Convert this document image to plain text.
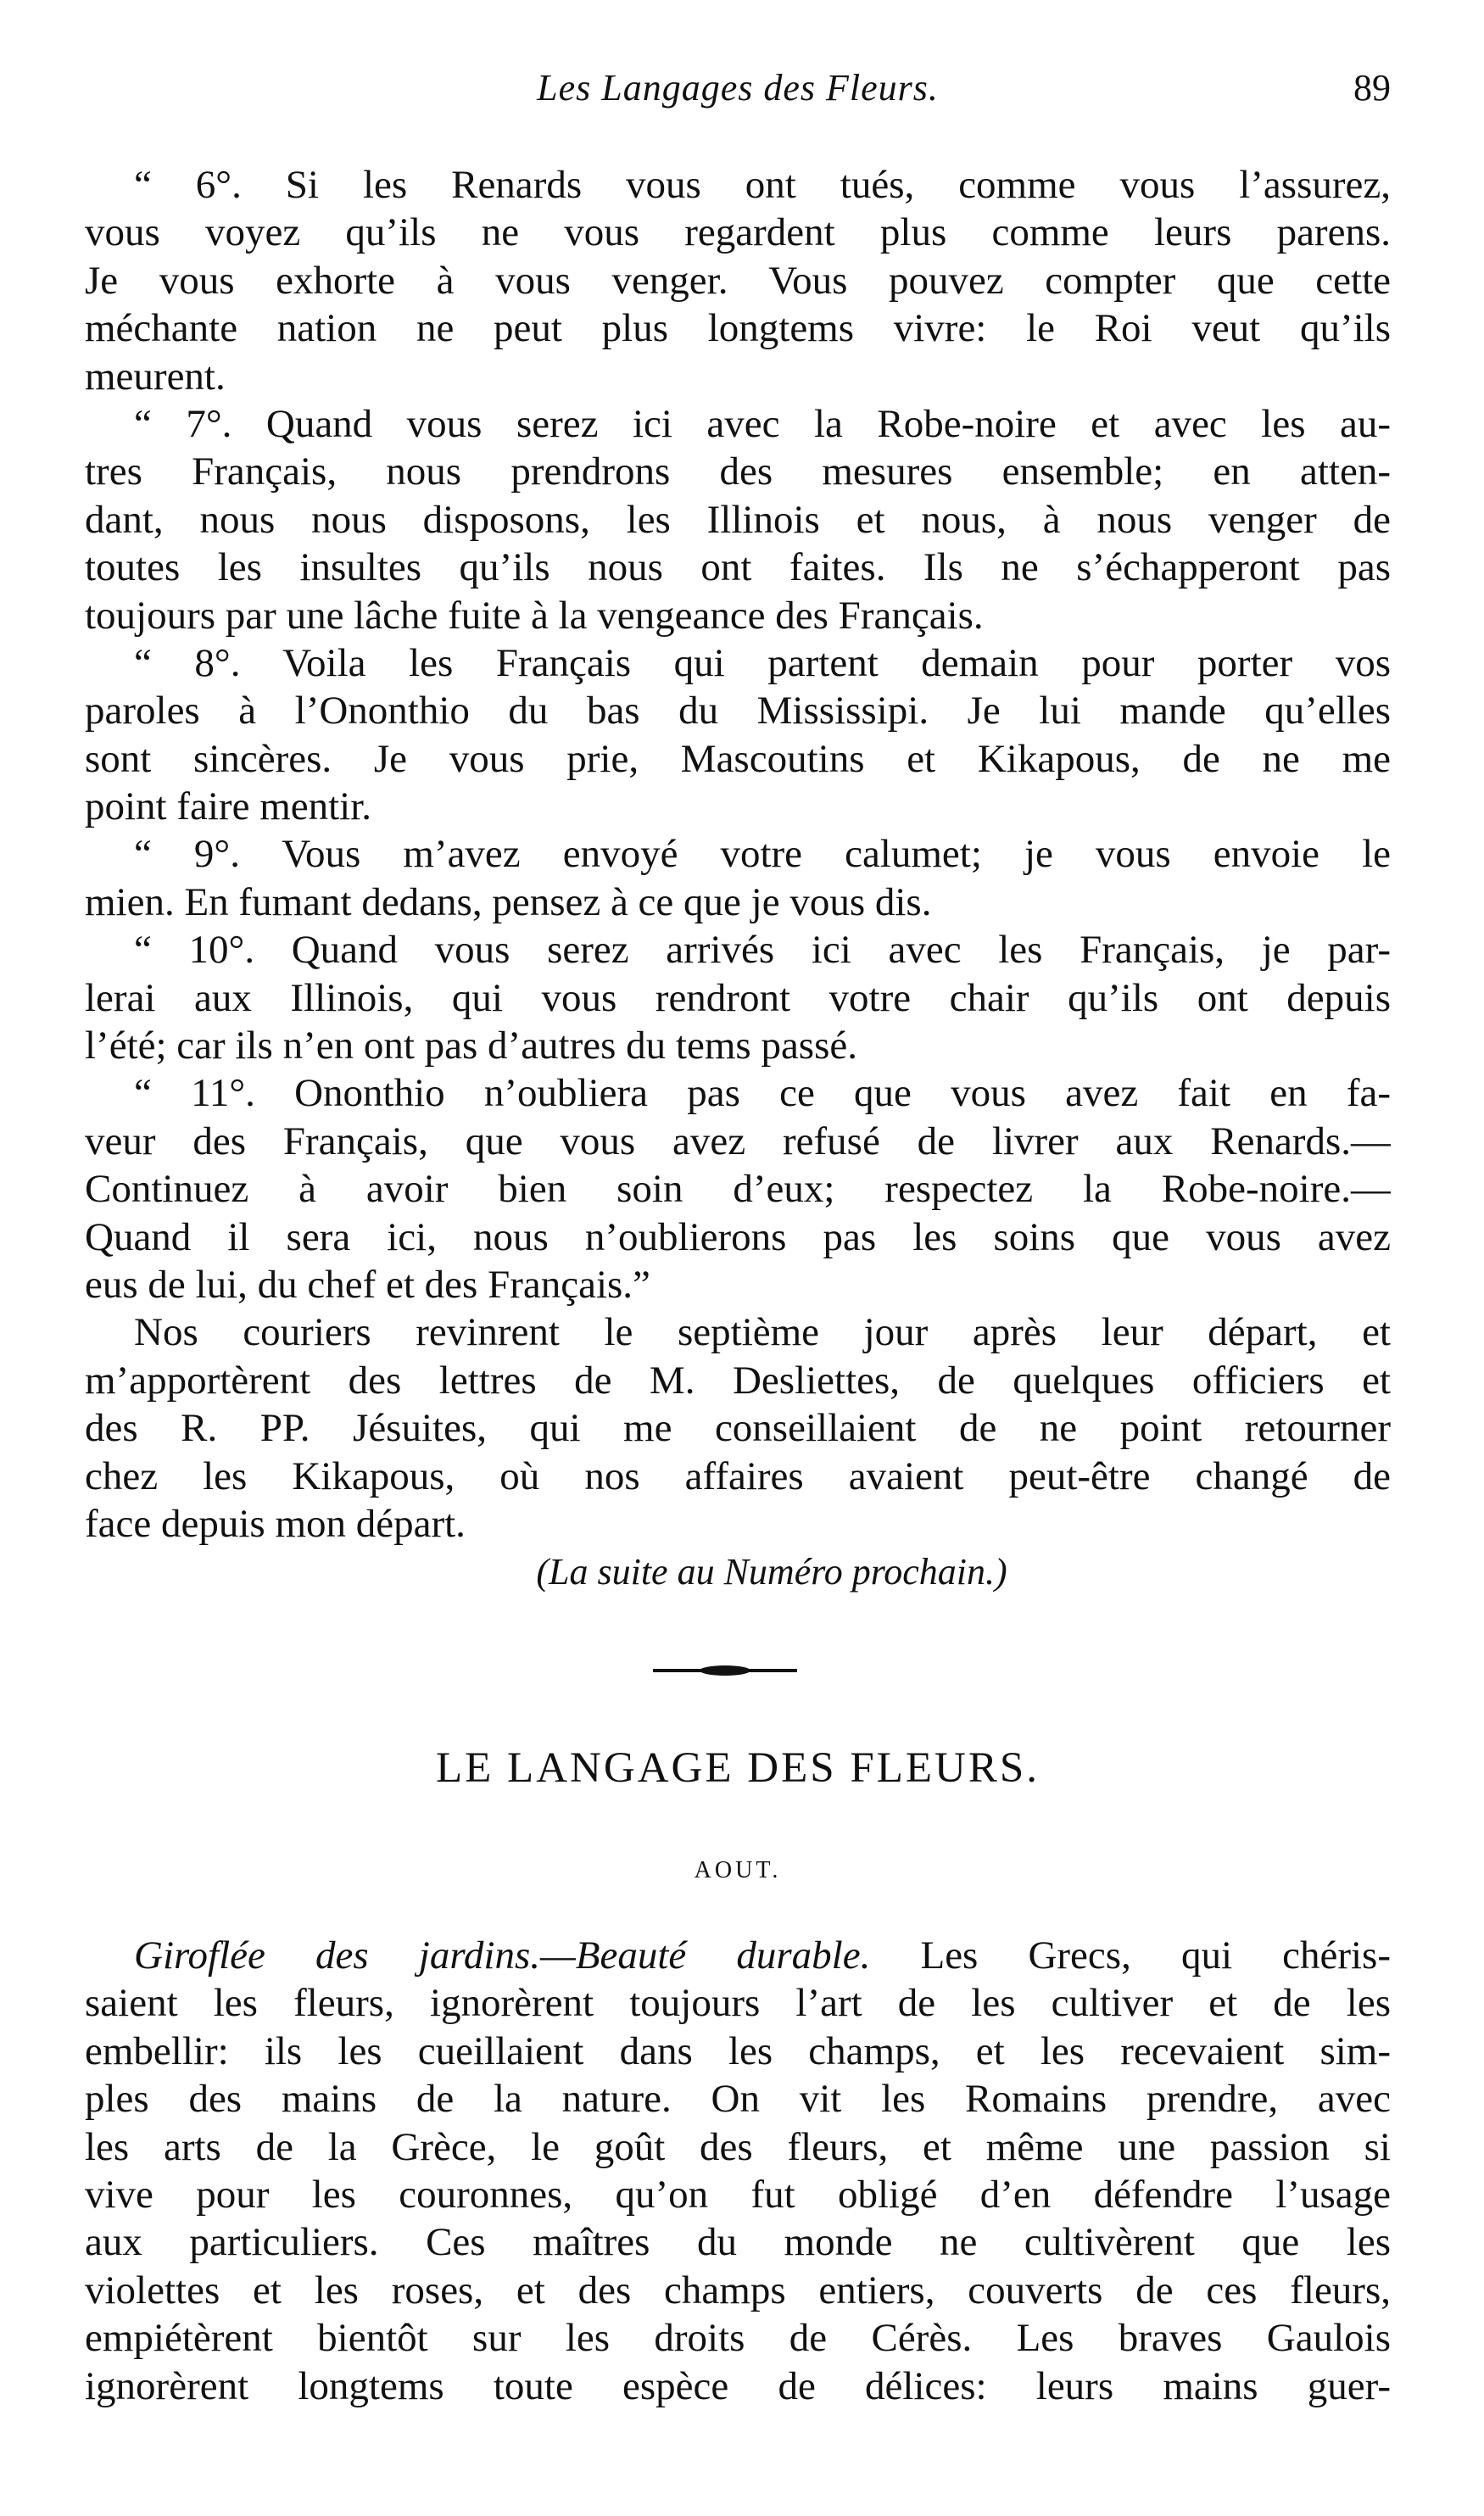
Les Langages des Fleurs.	89
“ 6°. Si les Renards vous ont tués, comme vous l’assurez,
vous voyez qu’ils ne vous regardent plus comme leurs parens.
Je vous exhorte à vous venger. Vous pouvez compter que cette
méchante nation ne peut plus longtems vivre: le Roi veut qu’ils
meurent.
“ 7°. Quand vous serez ici avec la Robe-noire et avec les au-
tres Français, nous prendrons des mesures ensemble; en atten-
dant, nous nous disposons, les Illinois et nous, à nous venger de
toutes les insultes qu’ils nous ont faites. Ils ne s’échapperont pas
toujours par une lâche fuite à la vengeance des Français.
“ 8°. Voila les Français qui partent demain pour porter vos
paroles à l’Ononthio du bas du Mississipi. Je lui mande qu’elles
sont sincères. Je vous prie, Mascoutins et Kikapous, de ne me
point faire mentir.
“ 9°. Vous m’avez envoyé votre calumet; je vous envoie le
mien. En fumant dedans, pensez à ce que je vous dis.
“ 10°. Quand vous serez arrivés ici avec les Français, je par-
lerai aux Illinois, qui vous rendront votre chair qu’ils ont depuis
l’été; car ils n’en ont pas d’autres du tems passé.
“ 11°. Ononthio n’oubliera pas ce que vous avez fait en fa-
veur des Français, que vous avez refusé de livrer aux Renards.—
Continuez à avoir bien soin d’eux; respectez la Robe-noire.—
Quand il sera ici, nous n’oublierons pas les soins que vous avez
eus de lui, du chef et des Français.”
Nos couriers revinrent le septième jour après leur départ, et
m’apportèrent des lettres de M. Desliettes, de quelques officiers et
des R. PP. Jésuites, qui me conseillaient de ne point retourner
chez les Kikapous, où nos affaires avaient peut-être changé de
face depuis mon départ.
(La suite au Numéro prochain.)
LE LANGAGE DES FLEURS.
AOUT.
Giroflée des jardins.—Beauté durable. Les Grecs, qui chéris-
saient les fleurs, ignorèrent toujours l’art de les cultiver et de les
embellir: ils les cueillaient dans les champs, et les recevaient sim-
ples des mains de la nature. On vit les Romains prendre, avec
les arts de la Grèce, le goût des fleurs, et même une passion si
vive pour les couronnes, qu’on fut obligé d’en défendre l’usage
aux particuliers. Ces maîtres du monde ne cultivèrent que les
violettes et les roses, et des champs entiers, couverts de ces fleurs,
empiétèrent bientôt sur les droits de Cérès. Les braves Gaulois
ignorèrent longtems toute espèce de délices: leurs mains guer-
